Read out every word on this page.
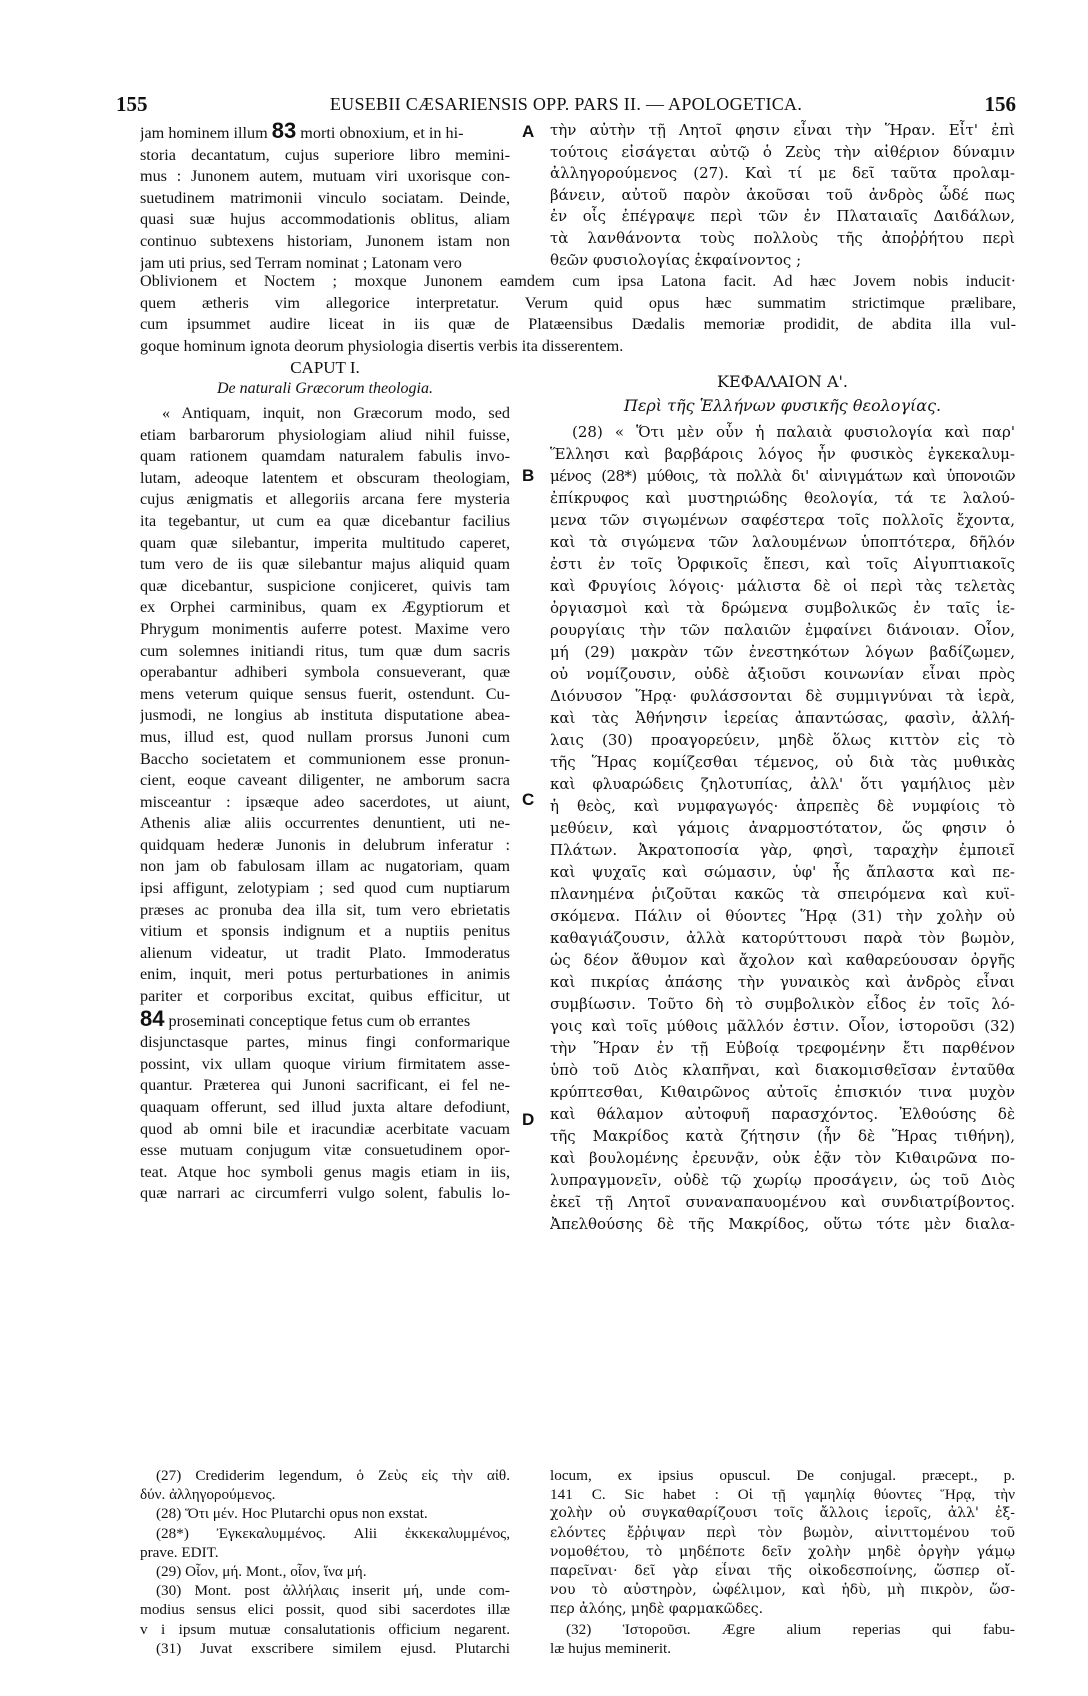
155	EUSEBII CÆSARIENSIS OPP. PARS II. — APOLOGETICA.	156
jam hominem illum 83 morti obnoxium, et in hi-
storia decantatum, cujus superiore libro memini-
mus : Junonem autem, mutuam viri uxorisque con-
suetudinem matrimonii vinculo sociatam. Deinde,
quasi suæ hujus accommodationis oblitus, aliam
continuo subtexens historiam, Junonem istam non
jam uti prius, sed Terram nominat ; Latonam vero
A τὴν αὐτὴν τῇ Λητοῖ φησιν εἶναι τὴν Ἥραν. Εἶτ' ἐπὶ
τούτοις εἰσάγεται αὐτῷ ὁ Ζεὺς τὴν αἰθέριον δύναμιν
ἀλληγορούμενος (27). Καὶ τί με δεῖ ταῦτα προλαμ-
βάνειν, αὐτοῦ παρὸν ἀκοῦσαι τοῦ ἀνδρὸς ὧδέ πως
ἐν οἷς ἐπέγραψε περὶ τῶν ἐν Πλαταιαῖς Δαιδάλων,
τὰ λανθάνοντα τοὺς πολλοὺς τῆς ἀποῤῥήτου περὶ
θεῶν φυσιολογίας ἐκφαίνοντος ;
Oblivionem et Noctem ; moxque Junonem eamdem cum ipsa Latona facit. Ad hæc Jovem nobis inducit·
quem ætheris vim allegorice interpretatur. Verum quid opus hæc summatim strictimque prælibare,
cum ipsummet audire liceat in iis quæ de Platæensibus Dædalis memoriæ prodidit, de abdita illa vul-
goque hominum ignota deorum physiologia disertis verbis ita disserentem.
CAPUT I.
De naturali Græcorum theologia.	ΚΕΦΑΛΑΙΟΝ Α'.
Περὶ τῆς Ἑλλήνων φυσικῆς θεολογίας.
« Antiquam, inquit, non Græcorum modo, sed
etiam barbarorum physiologiam aliud nihil fuisse,
quam rationem quamdam naturalem fabulis invo-
lutam, adeoque latentem et obscuram theologiam,
cujus ænigmatis et allegoriis arcana fere mysteria
ita tegebantur, ut cum ea quæ dicebantur facilius
quam quæ silebantur, imperita multitudo caperet,
tum vero de iis quæ silebantur majus aliquid quam
quæ dicebantur, suspicione conjiceret, quivis tam
ex Orphei carminibus, quam ex Ægyptiorum et
Phrygum monimentis auferre potest. Maxime vero
cum solemnes initiandi ritus, tum quæ dum sacris
operabantur adhiberi symbola consueverant, quæ
mens veterum quique sensus fuerit, ostendunt. Cu-
jusmodi, ne longius ab instituta disputatione abea-
mus, illud est, quod nullam prorsus Junoni cum
Baccho societatem et communionem esse pronun-
cient, eoque caveant diligenter, ne amborum sacra
misceantur : ipsæque adeo sacerdotes, ut aiunt,
Athenis aliæ aliis occurrentes denuntient, uti ne-
quidquam hederæ Junonis in delubrum inferatur :
non jam ob fabulosam illam ac nugatoriam, quam
ipsi affigunt, zelotypiam ; sed quod cum nuptiarum
præses ac pronuba dea illa sit, tum vero ebrietatis
vitium et sponsis indignum et a nuptiis penitus
alienum videatur, ut tradit Plato. Immoderatus
enim, inquit, meri potus perturbationes in animis
pariter et corporibus excitat, quibus efficitur, ut
84 proseminati conceptique fetus cum ob errantes
disjunctasque partes, minus fingi conformarique
possint, vix ullam quoque virium firmitatem asse-
quantur. Præterea qui Junoni sacrificant, ei fel ne-
quaquam offerunt, sed illud juxta altare defodiunt,
quod ab omni bile et iracundiæ acerbitate vacuam
esse mutuam conjugum vitæ consuetudinem opor-
teat. Atque hoc symboli genus magis etiam in iis,
quæ narrari ac circumferri vulgo solent, fabulis lo-
B
C
D
(28) « Ὅτι μὲν οὖν ἡ παλαιὰ φυσιολογία καὶ παρ'
Ἕλλησι καὶ βαρβάροις λόγος ἦν φυσικὸς ἐγκεκαλυμ-
μένος (28*) μύθοις, τὰ πολλὰ δι' αἰνιγμάτων καὶ ὑπονοιῶν
ἐπίκρυφος καὶ μυστηριώδης θεολογία, τά τε λαλού-
μενα τῶν σιγωμένων σαφέστερα τοῖς πολλοῖς ἔχοντα,
καὶ τὰ σιγώμενα τῶν λαλουμένων ὑποπτότερα, δῆλόν
ἐστι ἐν τοῖς Ὀρφικοῖς ἔπεσι, καὶ τοῖς Αἰγυπτιακοῖς
καὶ Φρυγίοις λόγοις· μάλιστα δὲ οἱ περὶ τὰς τελετὰς
ὀργιασμοὶ καὶ τὰ δρώμενα συμβολικῶς ἐν ταῖς ἱε-
ρουργίαις τὴν τῶν παλαιῶν ἐμφαίνει διάνοιαν. Οἷον,
μή (29) μακρὰν τῶν ἐνεστηκότων λόγων βαδίζωμεν,
οὐ νομίζουσιν, οὐδὲ ἀξιοῦσι κοινωνίαν εἶναι πρὸς
Διόνυσον Ἥρᾳ· φυλάσσονται δὲ συμμιγνύναι τὰ ἱερὰ,
καὶ τὰς Ἀθήνησιν ἱερείας ἀπαντώσας, φασὶν, ἀλλή-
λαις (30) προαγορεύειν, μηδὲ ὅλως κιττὸν εἰς τὸ
τῆς Ἥρας κομίζεσθαι τέμενος, οὐ διὰ τὰς μυθικὰς
καὶ φλυαρώδεις ζηλοτυπίας, ἀλλ' ὅτι γαμήλιος μὲν
ἡ θεὸς, καὶ νυμφαγωγός· ἀπρεπὲς δὲ νυμφίοις τὸ
μεθύειν, καὶ γάμοις ἀναρμοστότατον, ὥς φησιν ὁ
Πλάτων. Ἀκρατοποσία γὰρ, φησὶ, ταραχὴν ἐμποιεῖ
καὶ ψυχαῖς καὶ σώμασιν, ὑφ' ἧς ἄπλαστα καὶ πε-
πλανημένα ῥιζοῦται κακῶς τὰ σπειρόμενα καὶ κυϊ-
σκόμενα. Πάλιν οἱ θύοντες Ἥρᾳ (31) τὴν χολὴν οὐ
καθαγιάζουσιν, ἀλλὰ κατορύττουσι παρὰ τὸν βωμὸν,
ὡς δέον ἄθυμον καὶ ἄχολον καὶ καθαρεύουσαν ὀργῆς
καὶ πικρίας ἁπάσης τὴν γυναικὸς καὶ ἀνδρὸς εἶναι
συμβίωσιν. Τοῦτο δὴ τὸ συμβολικὸν εἶδος ἐν τοῖς λό-
γοις καὶ τοῖς μύθοις μᾶλλόν ἐστιν. Οἷον, ἱστοροῦσι (32)
τὴν Ἥραν ἐν τῇ Εὐβοίᾳ τρεφομένην ἔτι παρθένον
ὑπὸ τοῦ Διὸς κλαπῆναι, καὶ διακομισθεῖσαν ἐνταῦθα
κρύπτεσθαι, Κιθαιρῶνος αὐτοῖς ἐπισκιόν τινα μυχὸν
καὶ θάλαμον αὐτοφυῆ παρασχόντος. Ἐλθούσης δὲ
τῆς Μακρίδος κατὰ ζήτησιν (ἦν δὲ Ἥρας τιθήνη),
καὶ βουλομένης ἐρευνᾷν, οὐκ ἐᾷν τὸν Κιθαιρῶνα πο-
λυπραγμονεῖν, οὐδὲ τῷ χωρίῳ προσάγειν, ὡς τοῦ Διὸς
ἐκεῖ τῇ Λητοῖ συναναπαυομένου καὶ συνδιατρίβοντος.
Ἀπελθούσης δὲ τῆς Μακρίδος, οὕτω τότε μὲν διαλα-
(27) Crediderim legendum, ὁ Ζεὺς εἰς τὴν αἰθ.
δύν. ἀλληγορούμενος.
(28) Ὅτι μέν. Hoc Plutarchi opus non exstat.
(28*) Ἐγκεκαλυμμένος. Alii ἐκκεκαλυμμένος,
prave. EDIT.
(29) Οἷον, μή. Mont., οἷον, ἵνα μή.
(30) Mont. post ἀλλήλαις inserit μή, unde com-
modius sensus elici possit, quod sibi sacerdotes illæ
v i ipsum mutuæ consalutationis officium negarent.
(31) Juvat exscribere similem ejusd. Plutarchi
locum, ex ipsius opuscul. De conjugal. præcept., p.
141 C. Sic habet : Οἱ τῇ γαμηλίᾳ θύοντες Ἥρᾳ, τὴν
χολὴν οὐ συγκαθαρίζουσι τοῖς ἄλλοις ἱεροῖς, ἀλλ' ἐξ-
ελόντες ἔῤῥιψαν περὶ τὸν βωμὸν, αἰνιττομένου τοῦ
νομοθέτου, τὸ μηδέποτε δεῖν χολὴν μηδὲ ὀργὴν γάμῳ
παρεῖναι· δεῖ γὰρ εἶναι τῆς οἰκοδεσποίνης, ὥσπερ οἴ-
νου τὸ αὐστηρὸν, ὠφέλιμον, καὶ ἡδὺ, μὴ πικρὸν, ὥσ-
περ ἀλόης, μηδὲ φαρμακῶδες.
(32) Ἱστοροῦσι. Ægre alium reperias qui fabu-
læ hujus meminerit.
